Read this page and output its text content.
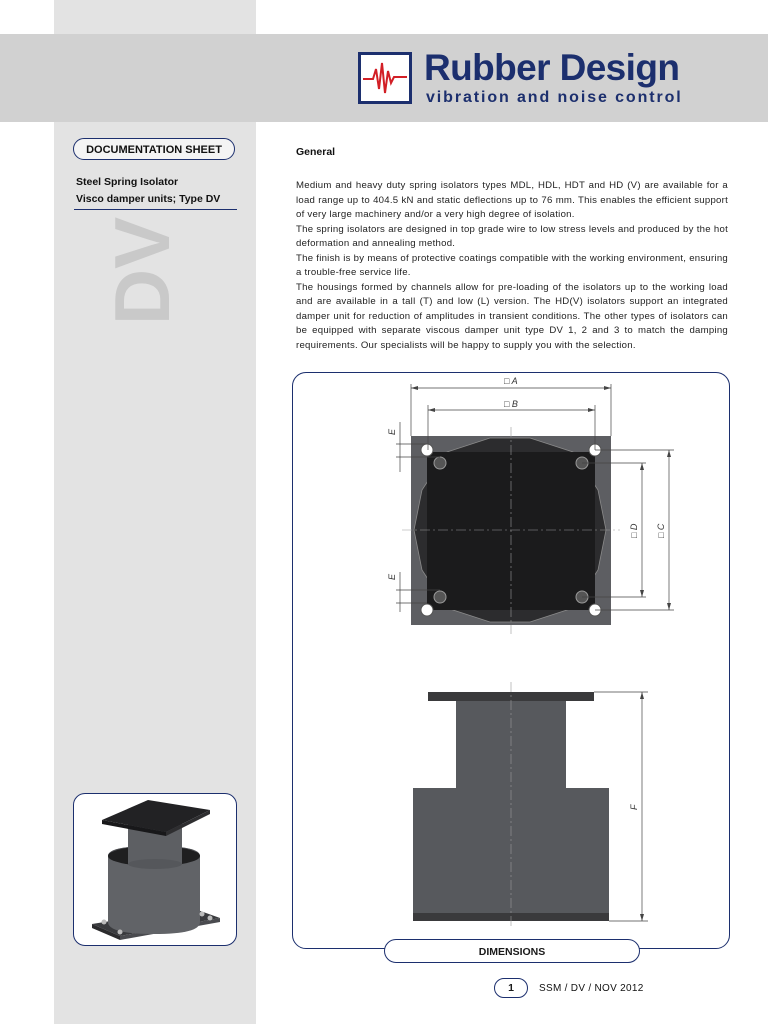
Rubber Design
vibration and noise control
DOCUMENTATION SHEET
Steel Spring Isolator
Visco damper units; Type DV
DV
General

Medium and heavy duty spring isolators types MDL, HDL, HDT and HD (V) are available for a load range up to 404.5 kN and static deflections up to 76 mm. This enables the efficient support of very large machinery and/or a very high degree of isolation.

The spring isolators are designed in top grade wire to low stress levels and produced by the hot deformation and annealing method.

The finish is by means of protective coatings compatible with the working environment, ensuring a trouble-free service life.

The housings formed by channels allow for pre-loading of the isolators up to the working load and are available in a tall (T) and low (L) version. The HD(V) isolators support an integrated damper unit for reduction of amplitudes in transient conditions. The other types of isolators can be equipped with separate viscous damper unit type DV 1, 2 and 3 to match the damping requirements. Our specialists will be happy to supply you with the selection.

□ A
□ B
□ C
□ D
E
E
F
DIMENSIONS
1	SSM / DV / NOV 2012
